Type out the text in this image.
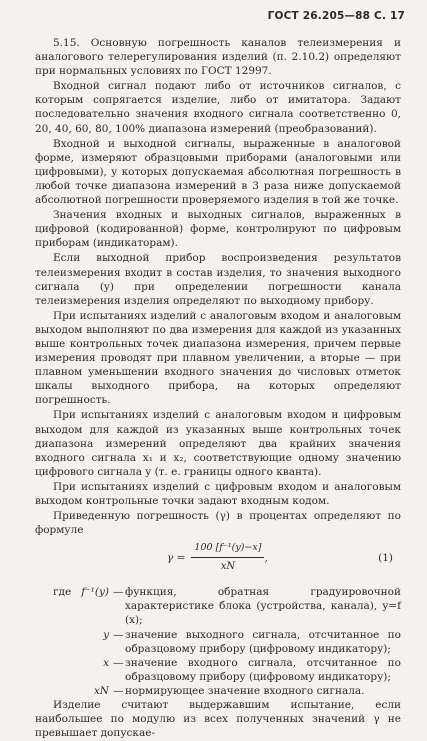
ГОСТ 26.205—88 С. 17

5.15. Основную погрешность каналов телеизмерения и аналогового телерегулирования изделий (п. 2.10.2) определяют при нормальных условиях по ГОСТ 12997.

Входной сигнал подают либо от источников сигналов, с которым сопрягается изделие, либо от имитатора. Задают последовательно значения входного сигнала соответственно 0, 20, 40, 60, 80, 100% диапазона измерений (преобразований).

Входной и выходной сигналы, выраженные в аналоговой форме, измеряют образцовыми приборами (аналоговыми или цифровыми), у которых допускаемая абсолютная погрешность в любой точке диапазона измерений в 3 раза ниже допускаемой абсолютной погрешности проверяемого изделия в той же точке.

Значения входных и выходных сигналов, выраженных в цифровой (кодированной) форме, контролируют по цифровым приборам (индикаторам).

Если выходной прибор воспроизведения результатов телеизмерения входит в состав изделия, то значения выходного сигнала (y) при определении погрешности канала телеизмерения изделия определяют по выходному прибору.

При испытаниях изделий с аналоговым входом и аналоговым выходом выполняют по два измерения для каждой из указанных выше контрольных точек диапазона измерения, причем первые измерения проводят при плавном увеличении, а вторые — при плавном уменьшении входного значения до числовых отметок шкалы выходного прибора, на которых определяют погрешность.

При испытаниях изделий с аналоговым входом и цифровым выходом для каждой из указанных выше контрольных точек диапазона измерений определяют два крайних значения входного сигнала x₁ и x₂, соответствующие одному значению цифрового сигнала y (т. е. границы одного кванта).

При испытаниях изделий с цифровым входом и аналоговым выходом контрольные точки задают входным кодом.

Приведенную погрешность (γ) в процентах определяют по формуле

$\gamma = \frac{\text{100 [f⁻¹(y)−x]}}{xN}$ ,	(1)
где f⁻¹(y) — функция, обратная градуировочной характеристике блока (устройства, канала), y=f (x);
y — значение выходного сигнала, отсчитанное по образцовому прибору (цифровому индикатору);
x — значение входного сигнала, отсчитанное по образцовому прибору (цифровому индикатору);
xN — нормирующее значение входного сигнала.

Изделие считают выдержавшим испытание, если наибольшее по модулю из всех полученных значений γ не превышает допускае-
